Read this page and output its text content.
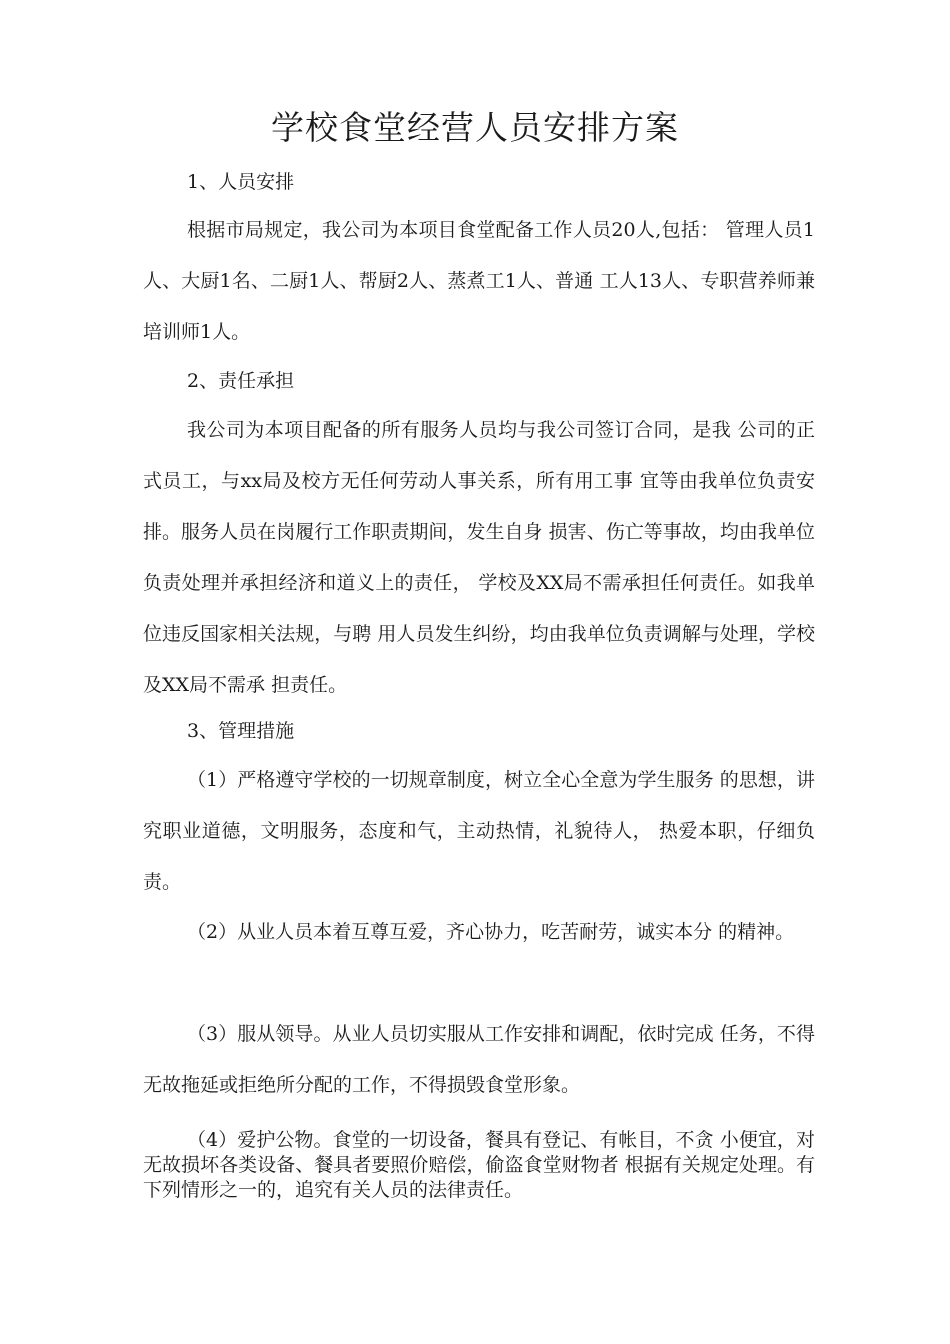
学校食堂经营人员安排方案

1、人员安排

根据市局规定，我公司为本项目食堂配备工作人员20人,包括： 管理人员1人、大厨1名、二厨1人、帮厨2人、蒸煮工1人、普通 工人13人、专职营养师兼培训师1人。

2、责任承担

我公司为本项目配备的所有服务人员均与我公司签订合同，是我 公司的正式员工，与xx局及校方无任何劳动人事关系，所有用工事 宜等由我单位负责安排。服务人员在岗履行工作职责期间，发生自身 损害、伤亡等事故，均由我单位负责处理并承担经济和道义上的责任， 学校及XX局不需承担任何责任。如我单位违反国家相关法规，与聘 用人员发生纠纷，均由我单位负责调解与处理，学校及XX局不需承 担责任。

3、管理措施

（1）严格遵守学校的一切规章制度，树立全心全意为学生服务 的思想，讲究职业道德，文明服务，态度和气，主动热情，礼貌待人， 热爱本职，仔细负责。

（2）从业人员本着互尊互爱，齐心协力，吃苦耐劳，诚实本分 的精神。

（3）服从领导。从业人员切实服从工作安排和调配，依时完成 任务，不得无故拖延或拒绝所分配的工作，不得损毁食堂形象。

（4）爱护公物。食堂的一切设备，餐具有登记、有帐目，不贪 小便宜，对无故损坏各类设备、餐具者要照价赔偿，偷盗食堂财物者 根据有关规定处理。有下列情形之一的，追究有关人员的法律责任。
